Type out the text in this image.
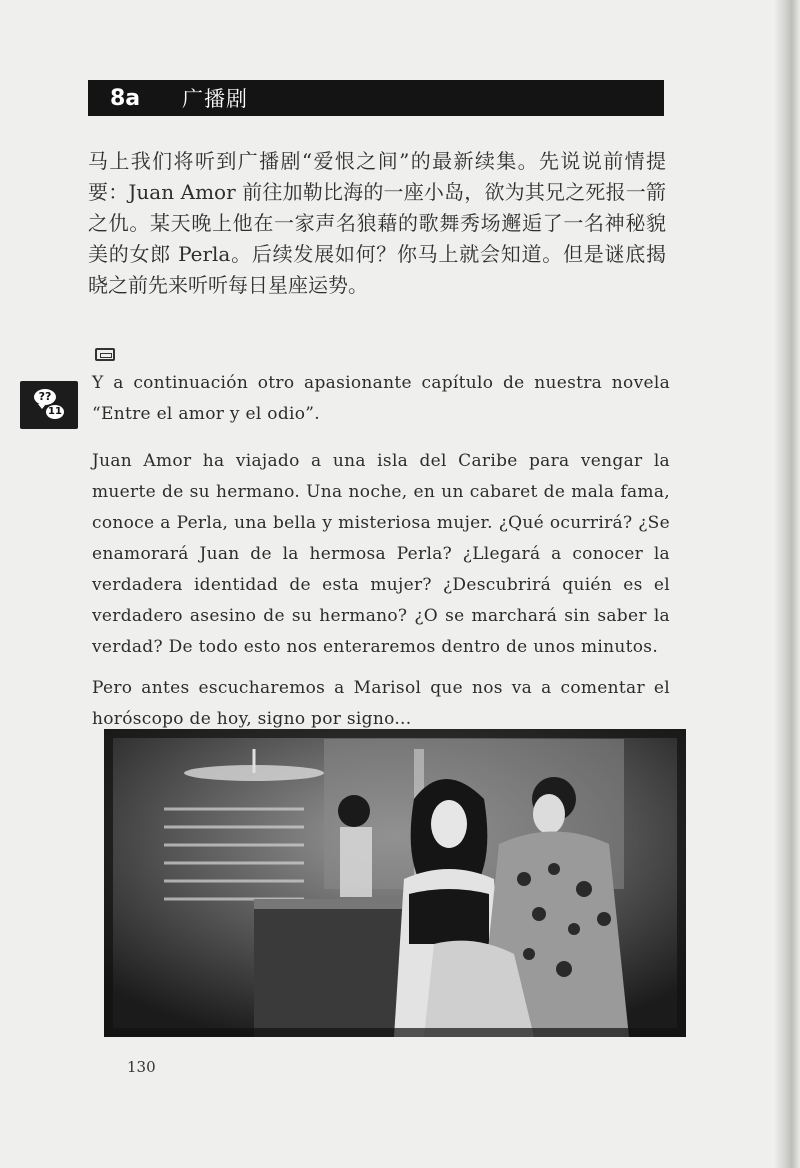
8a	广播剧
马上我们将听到广播剧“爱恨之间”的最新续集。先说说前情提要：Juan Amor 前往加勒比海的一座小岛，欲为其兄之死报一箭之仇。某天晚上他在一家声名狼藉的歌舞秀场邂逅了一名神秘貌美的女郎 Perla。后续发展如何？你马上就会知道。但是谜底揭晓之前先来听听每日星座运势。
??
11
Y a continuación otro apasionante capítulo de nuestra novela “Entre el amor y el odio”.
Juan Amor ha viajado a una isla del Caribe para vengar la muerte de su hermano. Una noche, en un cabaret de mala fama, conoce a Perla, una bella y misteriosa mujer. ¿Qué ocurrirá? ¿Se enamorará Juan de la hermosa Perla? ¿Llegará a conocer la verdadera identidad de esta mujer? ¿Descubrirá quién es el verdadero asesino de su hermano? ¿O se marchará sin saber la verdad? De todo esto nos enteraremos dentro de unos minutos.
Pero antes escucharemos a Marisol que nos va a comentar el horóscopo de hoy, signo por signo...
130
